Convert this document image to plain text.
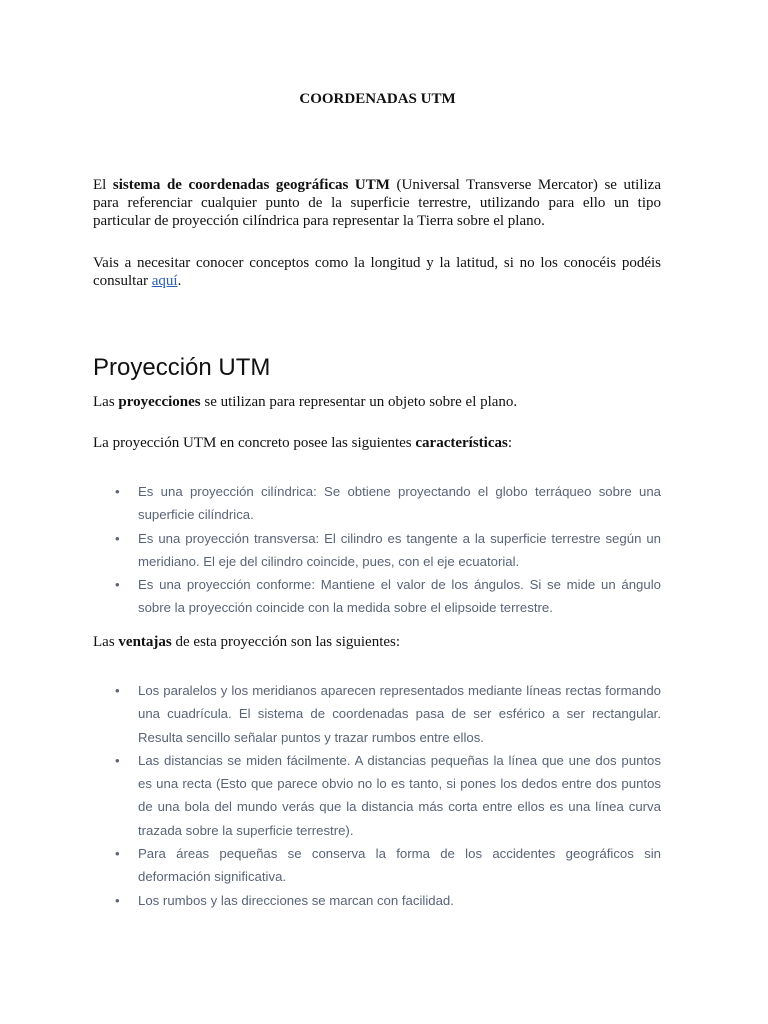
COORDENADAS UTM

El sistema de coordenadas geográficas UTM (Universal Transverse Mercator) se utiliza para referenciar cualquier punto de la superficie terrestre, utilizando para ello un tipo particular de proyección cilíndrica para representar la Tierra sobre el plano.

Vais a necesitar conocer conceptos como la longitud y la latitud, si no los conocéis podéis consultar aquí.

Proyección UTM

Las proyecciones se utilizan para representar un objeto sobre el plano.

La proyección UTM en concreto posee las siguientes características:

• Es una proyección cilíndrica: Se obtiene proyectando el globo terráqueo sobre una superficie cilíndrica.
• Es una proyección transversa: El cilindro es tangente a la superficie terrestre según un meridiano. El eje del cilindro coincide, pues, con el eje ecuatorial.
• Es una proyección conforme: Mantiene el valor de los ángulos. Si se mide un ángulo sobre la proyección coincide con la medida sobre el elipsoide terrestre.

Las ventajas de esta proyección son las siguientes:

• Los paralelos y los meridianos aparecen representados mediante líneas rectas formando una cuadrícula. El sistema de coordenadas pasa de ser esférico a ser rectangular. Resulta sencillo señalar puntos y trazar rumbos entre ellos.
• Las distancias se miden fácilmente. A distancias pequeñas la línea que une dos puntos es una recta (Esto que parece obvio no lo es tanto, si pones los dedos entre dos puntos de una bola del mundo verás que la distancia más corta entre ellos es una línea curva trazada sobre la superficie terrestre).
• Para áreas pequeñas se conserva la forma de los accidentes geográficos sin deformación significativa.
• Los rumbos y las direcciones se marcan con facilidad.
